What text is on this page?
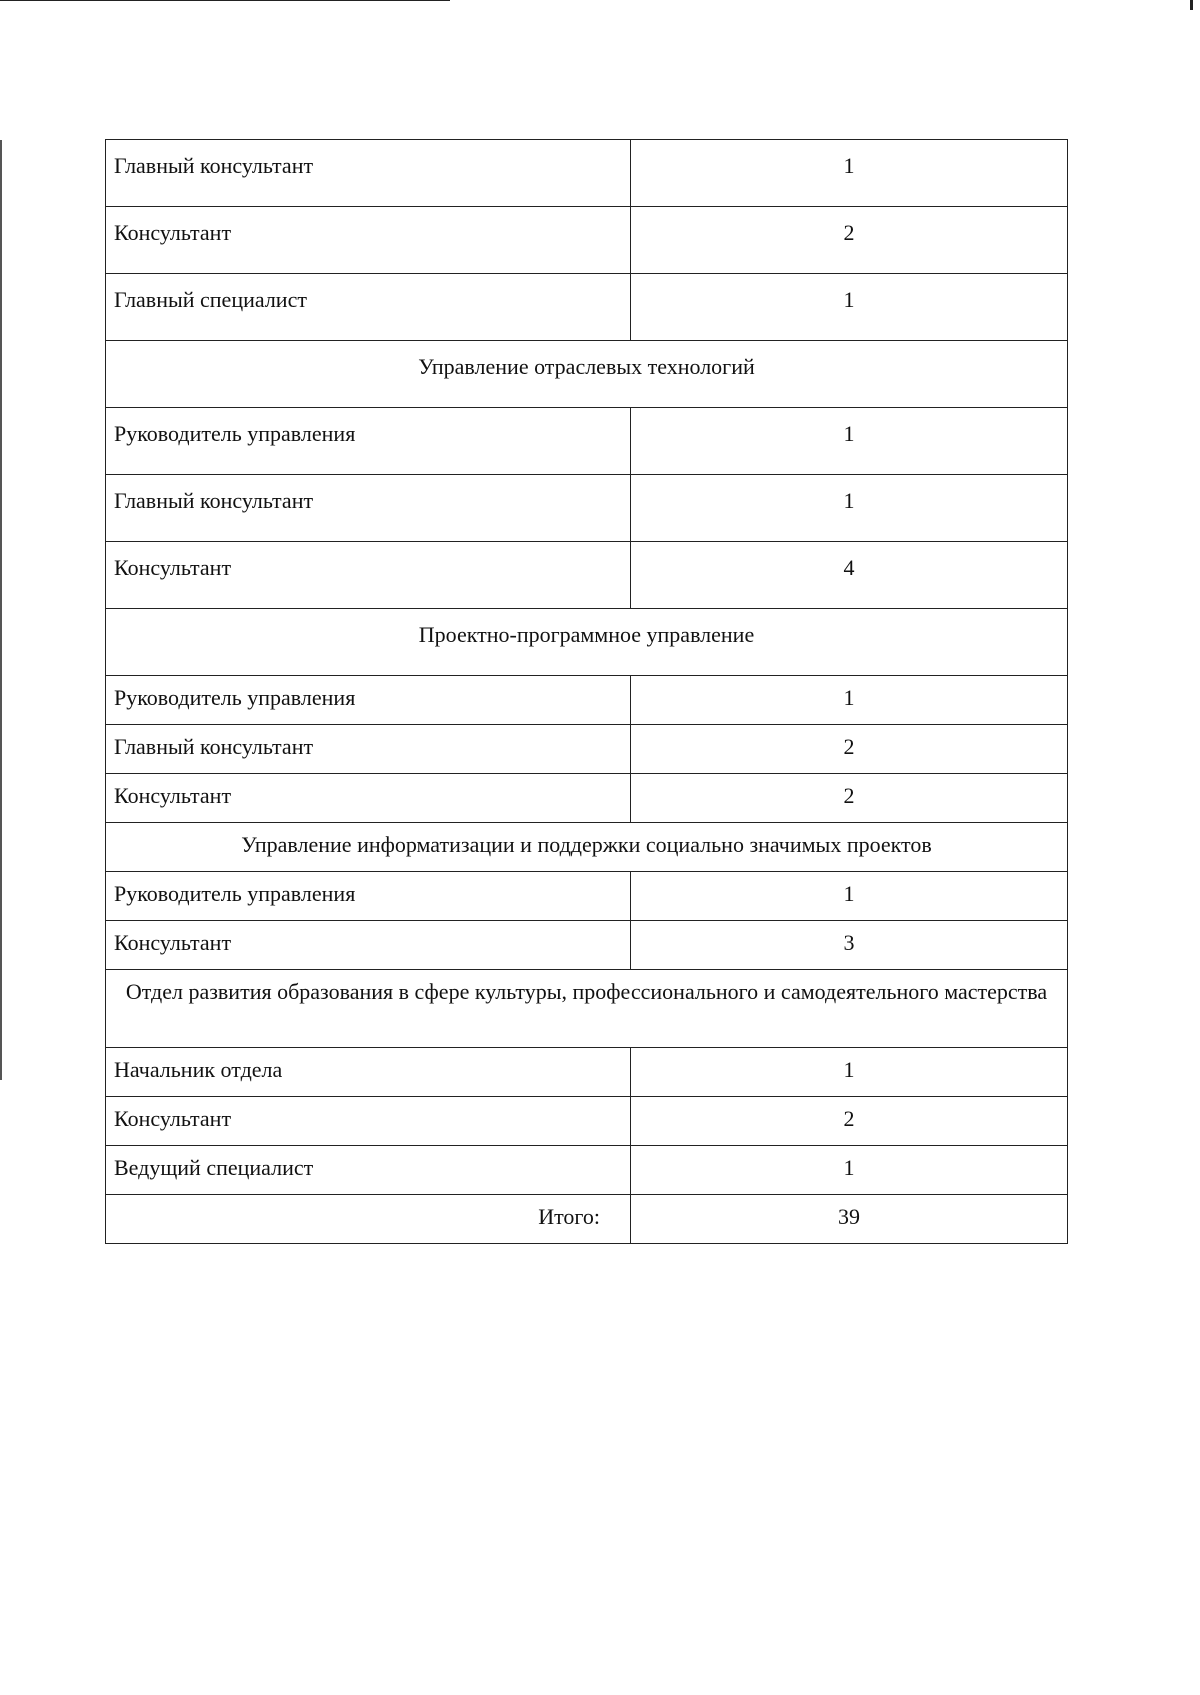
Главный консультант	1
Консультант	2
Главный специалист	1
Управление отраслевых технологий	
Руководитель управления	1
Главный консультант	1
Консультант	4
Проектно-программное управление	
Руководитель управления	1
Главный консультант	2
Консультант	2
Управление информатизации и поддержки социально значимых проектов	
Руководитель управления	1
Консультант	3
Отдел развития образования в сфере культуры, профессионального и самодеятельного мастерства	
Начальник отдела	1
Консультант	2
Ведущий специалист	1
Итого:	39
